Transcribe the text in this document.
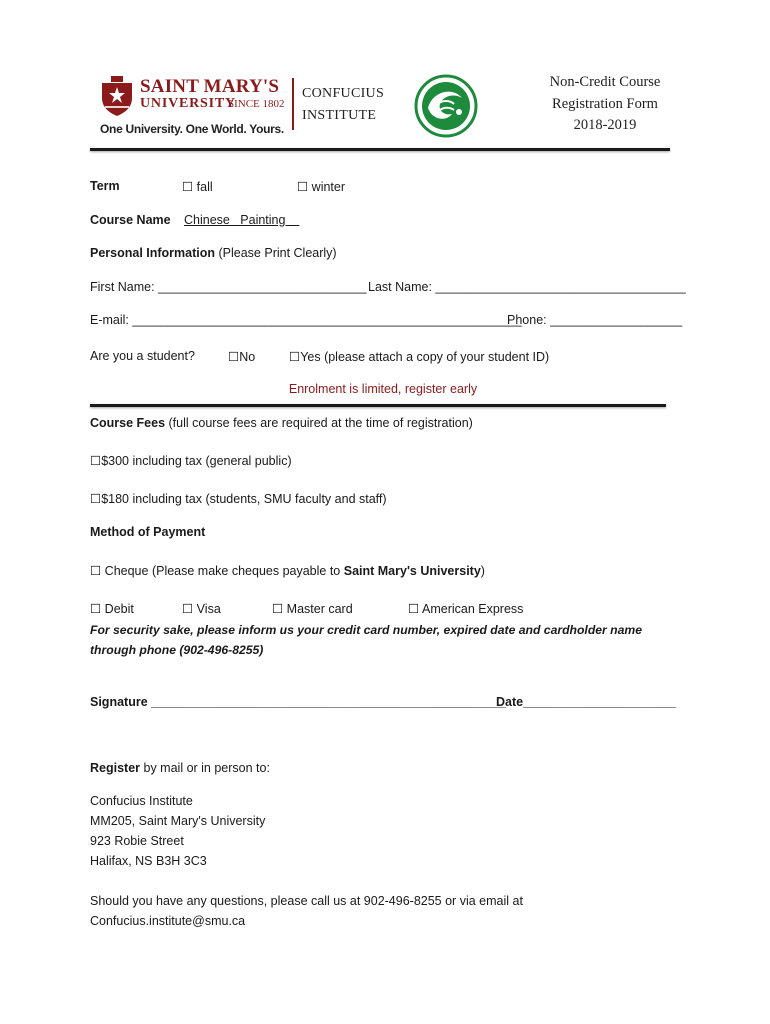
SAINT MARY'S
UNIVERSITY
SINCE 1802
One University. One World. Yours.
CONFUCIUS
INSTITUTE
Non-Credit Course
Registration Form
2018-2019
Term	☐ fall	☐ winter
Course Name Chinese   Painting
Personal Information (Please Print Clearly)
First Name: ______________________________ Last Name: ____________________________________
E-mail: ________________________________________________________
Phone: ___________________
Are you a student?	☐No	☐Yes (please attach a copy of your student ID)
Enrolment is limited, register early
Course Fees (full course fees are required at the time of registration)
☐$300 including tax (general public)
☐$180 including tax (students, SMU faculty and staff)
Method of Payment
☐ Cheque (Please make cheques payable to Saint Mary's University)
☐ Debit	☐ Visa	☐ Master card	☐ American Express
For security sake, please inform us your credit card number, expired date and cardholder name
through phone (902-496-8255)
Signature ___________________________________________________
Date______________________
Register by mail or in person to:
Confucius Institute
MM205, Saint Mary's University
923 Robie Street
Halifax, NS B3H 3C3
Should you have any questions, please call us at 902-496-8255 or via email at
Confucius.institute@smu.ca
